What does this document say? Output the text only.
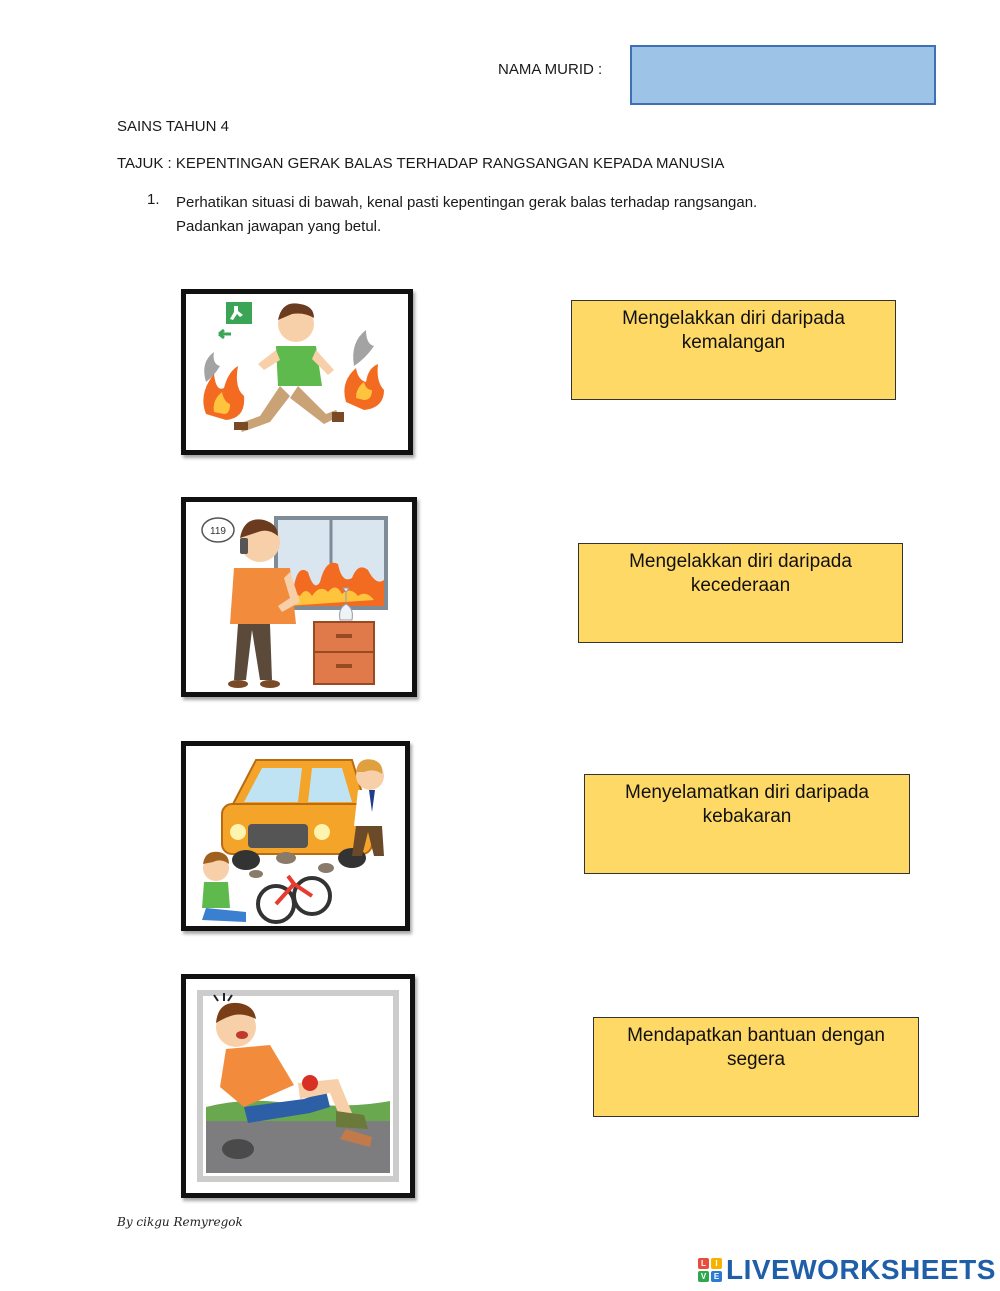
NAMA MURID :
SAINS TAHUN 4
TAJUK : KEPENTINGAN GERAK BALAS TERHADAP RANGSANGAN KEPADA MANUSIA
1. Perhatikan situasi di bawah, kenal pasti kepentingan gerak balas terhadap rangsangan.
Padankan jawapan yang betul.
119
Mengelakkan diri daripada
kemalangan
Mengelakkan diri daripada
kecederaan
Menyelamatkan diri daripada
kebakaran
Mendapatkan bantuan dengan
segera
By cikgu Remyregok
L	I
V E LIVEWORKSHEETS
